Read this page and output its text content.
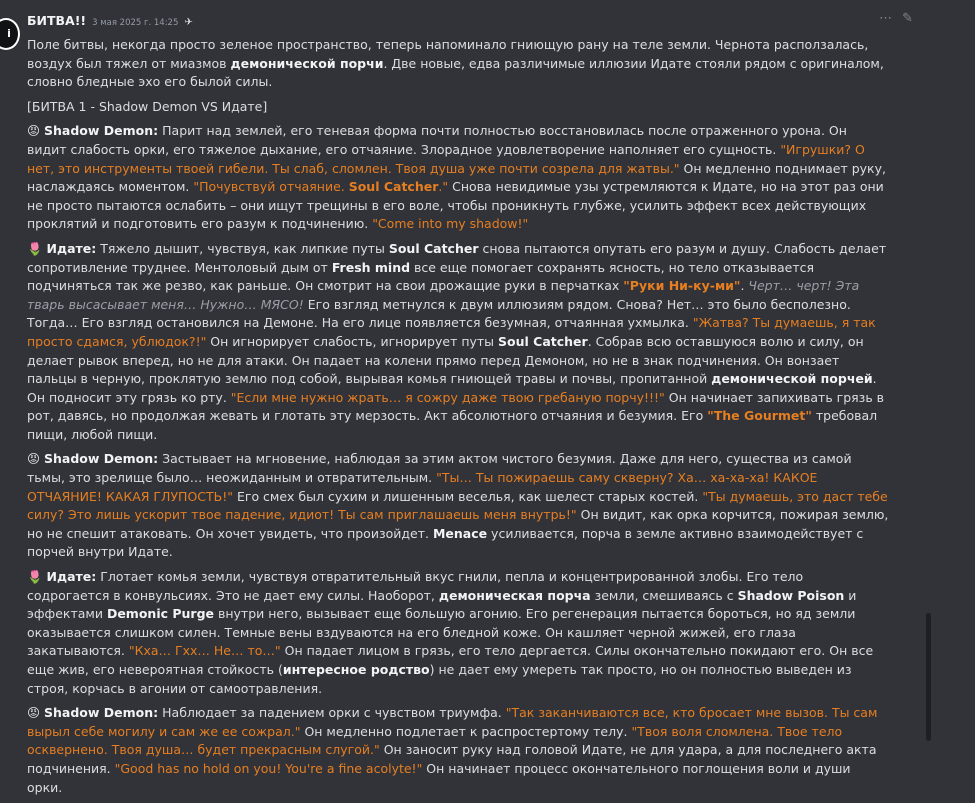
i
БИТВА!! 3 мая 2025 г. 14:25 ✈	⋯ ✎

Поле битвы, некогда просто зеленое пространство, теперь напоминало гниющую рану на теле земли. Чернота расползалась, воздух был тяжел от миазмов демонической порчи. Две новые, едва различимые иллюзии Идате стояли рядом с оригиналом, словно бледные эхо его былой силы.

[БИТВА 1 - Shadow Demon VS Идате]

😡 Shadow Demon: Парит над землей, его теневая форма почти полностью восстановилась после отраженного урона. Он видит слабость орки, его тяжелое дыхание, его отчаяние. Злорадное удовлетворение наполняет его сущность. "Игрушки? О нет, это инструменты твоей гибели. Ты слаб, сломлен. Твоя душа уже почти созрела для жатвы." Он медленно поднимает руку, наслаждаясь моментом. "Почувствуй отчаяние. Soul Catcher." Снова невидимые узы устремляются к Идате, но на этот раз они не просто пытаются ослабить – они ищут трещины в его воле, чтобы проникнуть глубже, усилить эффект всех действующих проклятий и подготовить его разум к подчинению. "Come into my shadow!"

🌷 Идате: Тяжело дышит, чувствуя, как липкие путы Soul Catcher снова пытаются опутать его разум и душу. Слабость делает сопротивление труднее. Ментоловый дым от Fresh mind все еще помогает сохранять ясность, но тело отказывается подчиняться так же резво, как раньше. Он смотрит на свои дрожащие руки в перчатках "Руки Ни-ку-ми". Черт… черт! Эта тварь высасывает меня… Нужно… МЯСО! Его взгляд метнулся к двум иллюзиям рядом. Снова? Нет… это было бесполезно. Тогда… Его взгляд остановился на Демоне. На его лице появляется безумная, отчаянная ухмылка. "Жатва? Ты думаешь, я так просто сдамся, ублюдок?!" Он игнорирует слабость, игнорирует путы Soul Catcher. Собрав всю оставшуюся волю и силу, он делает рывок вперед, но не для атаки. Он падает на колени прямо перед Демоном, но не в знак подчинения. Он вонзает пальцы в черную, проклятую землю под собой, вырывая комья гниющей травы и почвы, пропитанной демонической порчей. Он подносит эту грязь ко рту. "Если мне нужно жрать… я сожру даже твою гребаную порчу!!!" Он начинает запихивать грязь в рот, давясь, но продолжая жевать и глотать эту мерзость. Акт абсолютного отчаяния и безумия. Его "The Gourmet" требовал пищи, любой пищи.

😡 Shadow Demon: Застывает на мгновение, наблюдая за этим актом чистого безумия. Даже для него, существа из самой тьмы, это зрелище было… неожиданным и отвратительным. "Ты… Ты пожираешь саму скверну? Ха… ха-ха-ха! КАКОЕ ОТЧАЯНИЕ! КАКАЯ ГЛУПОСТЬ!" Его смех был сухим и лишенным веселья, как шелест старых костей. "Ты думаешь, это даст тебе силу? Это лишь ускорит твое падение, идиот! Ты сам приглашаешь меня внутрь!" Он видит, как орка корчится, пожирая землю, но не спешит атаковать. Он хочет увидеть, что произойдет. Menace усиливается, порча в земле активно взаимодействует с порчей внутри Идате.

🌷 Идате: Глотает комья земли, чувствуя отвратительный вкус гнили, пепла и концентрированной злобы. Его тело содрогается в конвульсиях. Это не дает ему силы. Наоборот, демоническая порча земли, смешиваясь с Shadow Poison и эффектами Demonic Purge внутри него, вызывает еще большую агонию. Его регенерация пытается бороться, но яд земли оказывается слишком силен. Темные вены вздуваются на его бледной коже. Он кашляет черной жижей, его глаза закатываются. "Кха… Гхх… Не… то…" Он падает лицом в грязь, его тело дергается. Силы окончательно покидают его. Он все еще жив, его невероятная стойкость (интересное родство) не дает ему умереть так просто, но он полностью выведен из строя, корчась в агонии от самоотравления.

😡 Shadow Demon: Наблюдает за падением орки с чувством триумфа. "Так заканчиваются все, кто бросает мне вызов. Ты сам вырыл себе могилу и сам же ее сожрал." Он медленно подлетает к распростертому телу. "Твоя воля сломлена. Твое тело осквернено. Твоя душа… будет прекрасным слугой." Он заносит руку над головой Идате, не для удара, а для последнего акта подчинения. "Good has no hold on you! You're a fine acolyte!" Он начинает процесс окончательного поглощения воли и души орки.
